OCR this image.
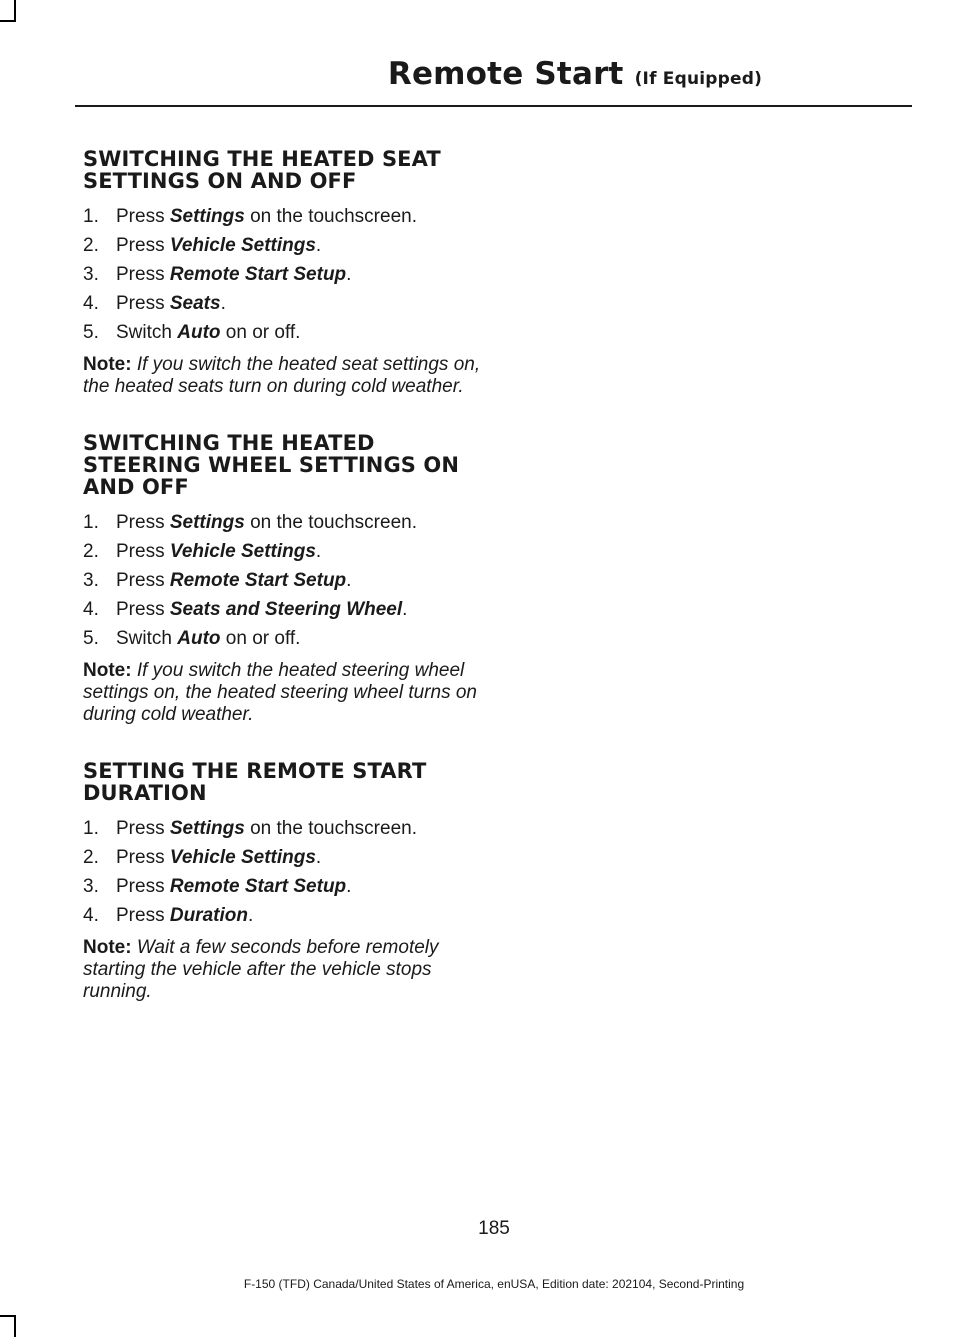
Remote Start (If Equipped)
SWITCHING THE HEATED SEAT SETTINGS ON AND OFF
1. Press Settings on the touchscreen.
2. Press Vehicle Settings.
3. Press Remote Start Setup.
4. Press Seats.
5. Switch Auto on or off.

Note: If you switch the heated seat settings on, the heated seats turn on during cold weather.

SWITCHING THE HEATED STEERING WHEEL SETTINGS ON AND OFF
1. Press Settings on the touchscreen.
2. Press Vehicle Settings.
3. Press Remote Start Setup.
4. Press Seats and Steering Wheel.
5. Switch Auto on or off.

Note: If you switch the heated steering wheel settings on, the heated steering wheel turns on during cold weather.

SETTING THE REMOTE START DURATION
1. Press Settings on the touchscreen.
2. Press Vehicle Settings.
3. Press Remote Start Setup.
4. Press Duration.

Note: Wait a few seconds before remotely starting the vehicle after the vehicle stops running.

185
F-150 (TFD) Canada/United States of America, enUSA, Edition date: 202104, Second-Printing
